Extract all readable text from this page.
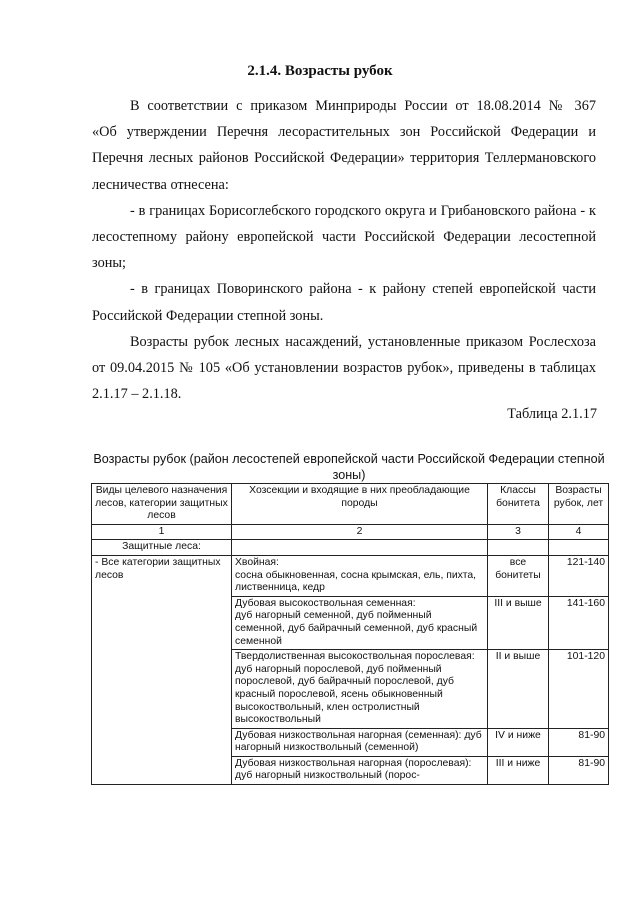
2.1.4. Возрасты рубок

В соответствии с приказом Минприроды России от 18.08.2014 № 367

«Об утверждении Перечня лесорастительных зон Российской Федерации и Перечня лесных районов Российской Федерации» территория Теллермановского лесничества отнесена:

- в границах Борисоглебского городского округа и Грибановского района - к лесостепному району европейской части Российской Федерации лесостепной зоны;

- в границах Поворинского района - к району степей европейской части Российской Федерации степной зоны.

Возрасты рубок лесных насаждений, установленные приказом Рослесхоза от 09.04.2015 № 105 «Об установлении возрастов рубок», приведены в таблицах 2.1.17 – 2.1.18.

Таблица 2.1.17
Возрасты рубок (район лесостепей европейской части Российской Федерации степной зоны)
Виды целевого назначения лесов, категории защитных лесов	Хозсекции и входящие в них преобладающие породы	Классы бонитета	Возрасты рубок, лет
1	2	3	4
Защитные леса:			
- Все категории защитных лесов	Хвойная:
сосна обыкновенная, сосна крымская, ель, пихта, лиственница, кедр	все бонитеты	121-140

	Дубовая высокоствольная семенная:
дуб нагорный семенной, дуб пойменный семенной, дуб байрачный семенной, дуб красный семенной	III и выше	141-160
	Твердолиственная высокоствольная порослевая: дуб нагорный порослевой, дуб пойменный порослевой, дуб байрачный порослевой, дуб красный порослевой, ясень обыкновенный высокоствольный, клен остролистный высокоствольный	II и выше	101-120
	Дубовая низкоствольная нагорная (семенная): дуб нагорный низкоствольный (семенной)	IV и ниже	81-90
	Дубовая низкоствольная нагорная (порослевая): дуб нагорный низкоствольный (порос-	III и ниже	81-90
